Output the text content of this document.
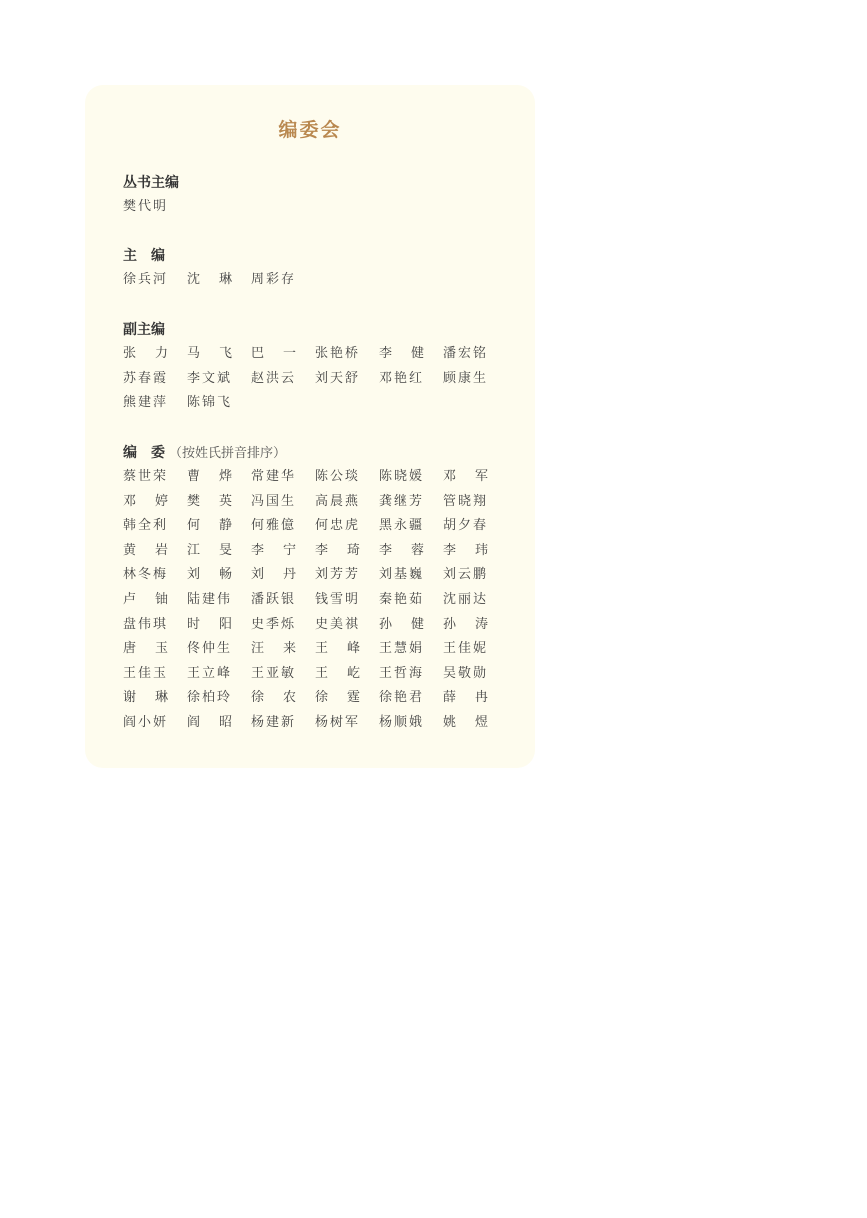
编委会
丛书主编
樊代明
主　编
徐兵河 沈 琳 周彩存
副主编
张 力 马 飞 巴 一 张艳桥 李 健 潘宏铭
苏春霞 李文斌 赵洪云 刘天舒 邓艳红 顾康生
熊建萍 陈锦飞
编　委 （按姓氏拼音排序）
蔡世荣 曹 烨 常建华 陈公琰 陈晓媛 邓 军
邓 婷 樊 英 冯国生 高晨燕 龚继芳 管晓翔
韩全利 何 静 何雅億 何忠虎 黑永疆 胡夕春
黄 岩 江 旻 李 宁 李 琦 李 蓉 李 玮
林冬梅 刘 畅 刘 丹 刘芳芳 刘基巍 刘云鹏
卢 铀 陆建伟 潘跃银 钱雪明 秦艳茹 沈丽达
盘伟琪 时 阳 史季烁 史美祺 孙 健 孙 涛
唐 玉 佟仲生 汪 来 王 峰 王慧娟 王佳妮
王佳玉 王立峰 王亚敏 王 屹 王哲海 吴敬勋
谢 琳 徐柏玲 徐 农 徐 霆 徐艳君 薛 冉
阎小妍 阎 昭 杨建新 杨树军 杨顺娥 姚 煜
